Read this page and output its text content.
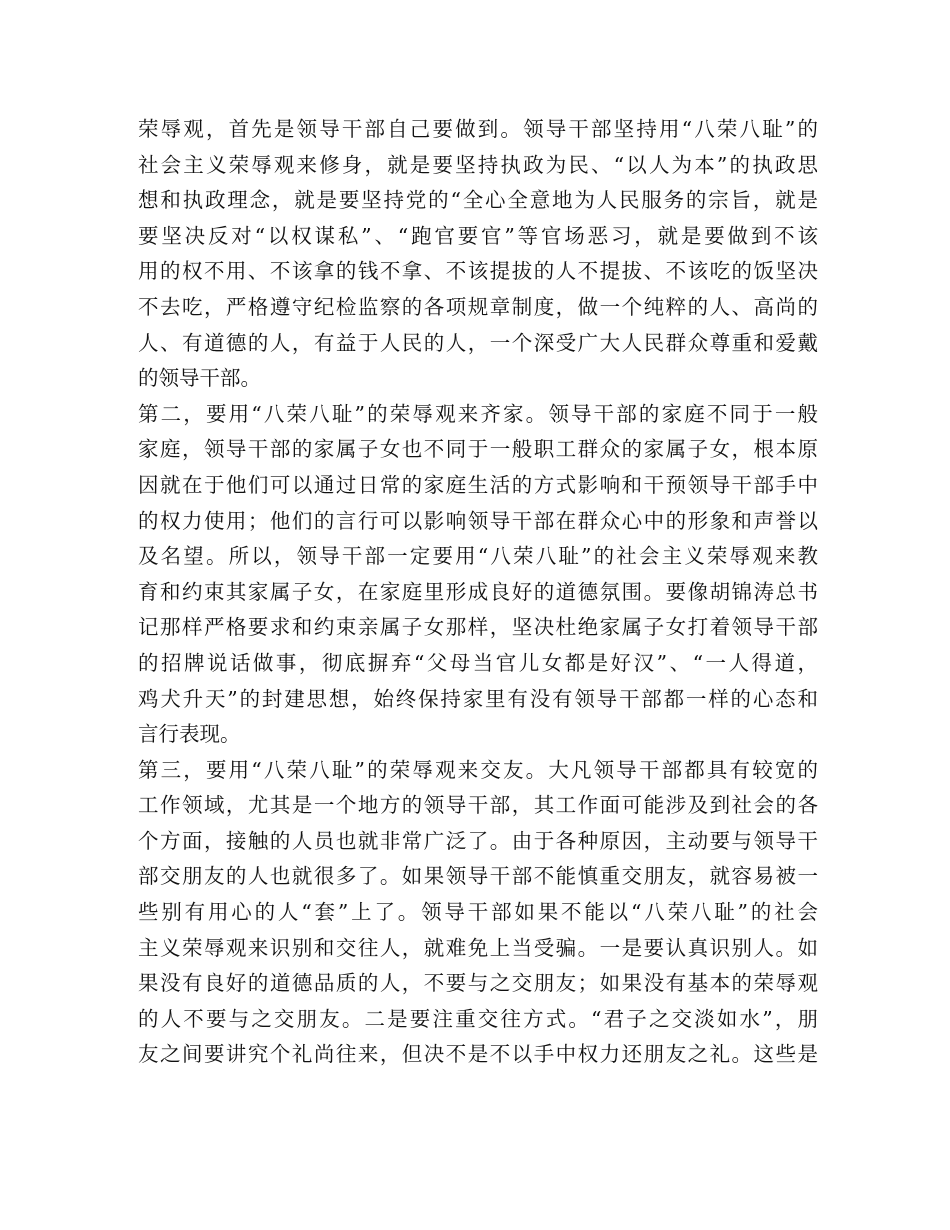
荣辱观，首先是领导干部自己要做到。领导干部坚持用“八荣八耻”的
社会主义荣辱观来修身，就是要坚持执政为民、“以人为本”的执政思
想和执政理念，就是要坚持党的“全心全意地为人民服务的宗旨，就是
要坚决反对“以权谋私”、“跑官要官”等官场恶习，就是要做到不该
用的权不用、不该拿的钱不拿、不该提拔的人不提拔、不该吃的饭坚决
不去吃，严格遵守纪检监察的各项规章制度，做一个纯粹的人、高尚的
人、有道德的人，有益于人民的人，一个深受广大人民群众尊重和爱戴
的领导干部。
第二，要用“八荣八耻”的荣辱观来齐家。领导干部的家庭不同于一般
家庭，领导干部的家属子女也不同于一般职工群众的家属子女，根本原
因就在于他们可以通过日常的家庭生活的方式影响和干预领导干部手中
的权力使用；他们的言行可以影响领导干部在群众心中的形象和声誉以
及名望。所以，领导干部一定要用“八荣八耻”的社会主义荣辱观来教
育和约束其家属子女，在家庭里形成良好的道德氛围。要像胡锦涛总书
记那样严格要求和约束亲属子女那样，坚决杜绝家属子女打着领导干部
的招牌说话做事，彻底摒弃“父母当官儿女都是好汉”、“一人得道，
鸡犬升天”的封建思想，始终保持家里有没有领导干部都一样的心态和
言行表现。
第三，要用“八荣八耻”的荣辱观来交友。大凡领导干部都具有较宽的
工作领域，尤其是一个地方的领导干部，其工作面可能涉及到社会的各
个方面，接触的人员也就非常广泛了。由于各种原因，主动要与领导干
部交朋友的人也就很多了。如果领导干部不能慎重交朋友，就容易被一
些别有用心的人“套”上了。领导干部如果不能以“八荣八耻”的社会
主义荣辱观来识别和交往人，就难免上当受骗。一是要认真识别人。如
果没有良好的道德品质的人，不要与之交朋友；如果没有基本的荣辱观
的人不要与之交朋友。二是要注重交往方式。“君子之交淡如水”，朋
友之间要讲究个礼尚往来，但决不是不以手中权力还朋友之礼。这些是
